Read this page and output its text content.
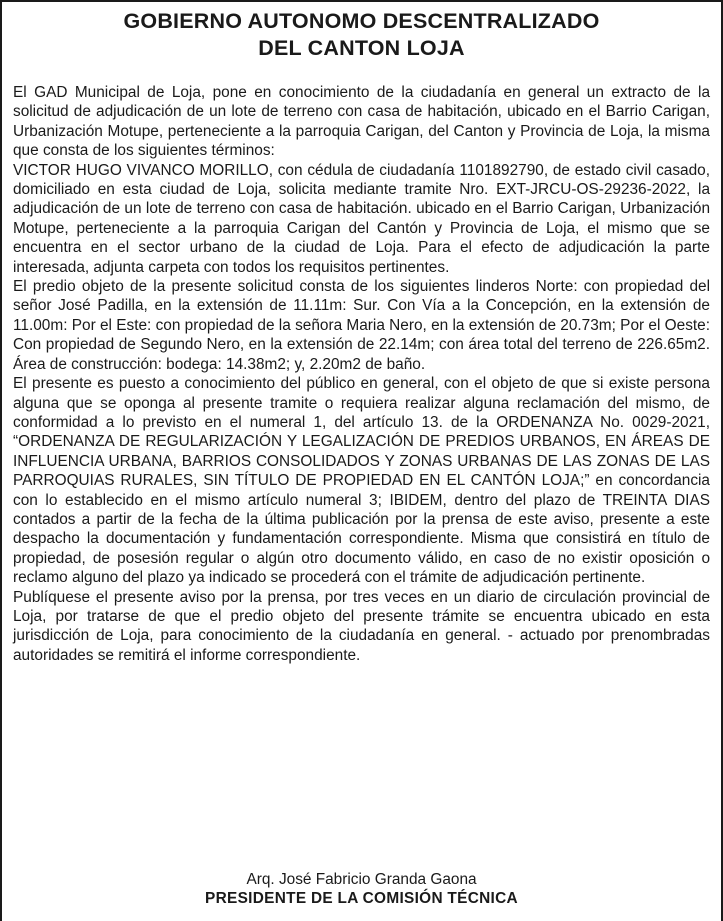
GOBIERNO AUTONOMO DESCENTRALIZADO
DEL CANTON LOJA

El GAD Municipal de Loja, pone en conocimiento de la ciudadanía en general un extracto de la solicitud de adjudicación de un lote de terreno con casa de habitación, ubicado en el Barrio Carigan, Urbanización Motupe, perteneciente a la parroquia Carigan, del Canton y Provincia de Loja, la misma que consta de los siguientes términos:

VICTOR HUGO VIVANCO MORILLO, con cédula de ciudadanía 1101892790, de estado civil casado, domiciliado en esta ciudad de Loja, solicita mediante tramite Nro. EXT-JRCU-OS-29236-2022, la adjudicación de un lote de terreno con casa de habitación. ubicado en el Barrio Carigan, Urbanización Motupe, perteneciente a la parroquia Carigan del Cantón y Provincia de Loja, el mismo que se encuentra en el sector urbano de la ciudad de Loja. Para el efecto de adjudicación la parte interesada, adjunta carpeta con todos los requisitos pertinentes.

El predio objeto de la presente solicitud consta de los siguientes linderos Norte: con propiedad del señor José Padilla, en la extensión de 11.11m: Sur. Con Vía a la Concepción, en la extensión de 11.00m: Por el Este: con propiedad de la señora Maria Nero, en la extensión de 20.73m; Por el Oeste: Con propiedad de Segundo Nero, en la extensión de 22.14m; con área total del terreno de 226.65m2. Área de construcción: bodega: 14.38m2; y, 2.20m2 de baño.

El presente es puesto a conocimiento del público en general, con el objeto de que si existe persona alguna que se oponga al presente tramite o requiera realizar alguna reclamación del mismo, de conformidad a lo previsto en el numeral 1, del artículo 13. de la ORDENANZA No. 0029-2021, “ORDENANZA DE REGULARIZACIÓN Y LEGALIZACIÓN DE PREDIOS URBANOS, EN ÁREAS DE INFLUENCIA URBANA, BARRIOS CONSOLIDADOS Y ZONAS URBANAS DE LAS ZONAS DE LAS PARROQUIAS RURALES, SIN TÍTULO DE PROPIEDAD EN EL CANTÓN LOJA;” en concordancia con lo establecido en el mismo artículo numeral 3; IBIDEM, dentro del plazo de TREINTA DIAS contados a partir de la fecha de la última publicación por la prensa de este aviso, presente a este despacho la documentación y fundamentación correspondiente. Misma que consistirá en título de propiedad, de posesión regular o algún otro documento válido, en caso de no existir oposición o reclamo alguno del plazo ya indicado se procederá con el trámite de adjudicación pertinente.

Publíquese el presente aviso por la prensa, por tres veces en un diario de circulación provincial de Loja, por tratarse de que el predio objeto del presente trámite se encuentra ubicado en esta jurisdicción de Loja, para conocimiento de la ciudadanía en general. - actuado por prenombradas autoridades se remitirá el informe correspondiente.

Arq. José Fabricio Granda Gaona
PRESIDENTE DE LA COMISIÓN TÉCNICA
